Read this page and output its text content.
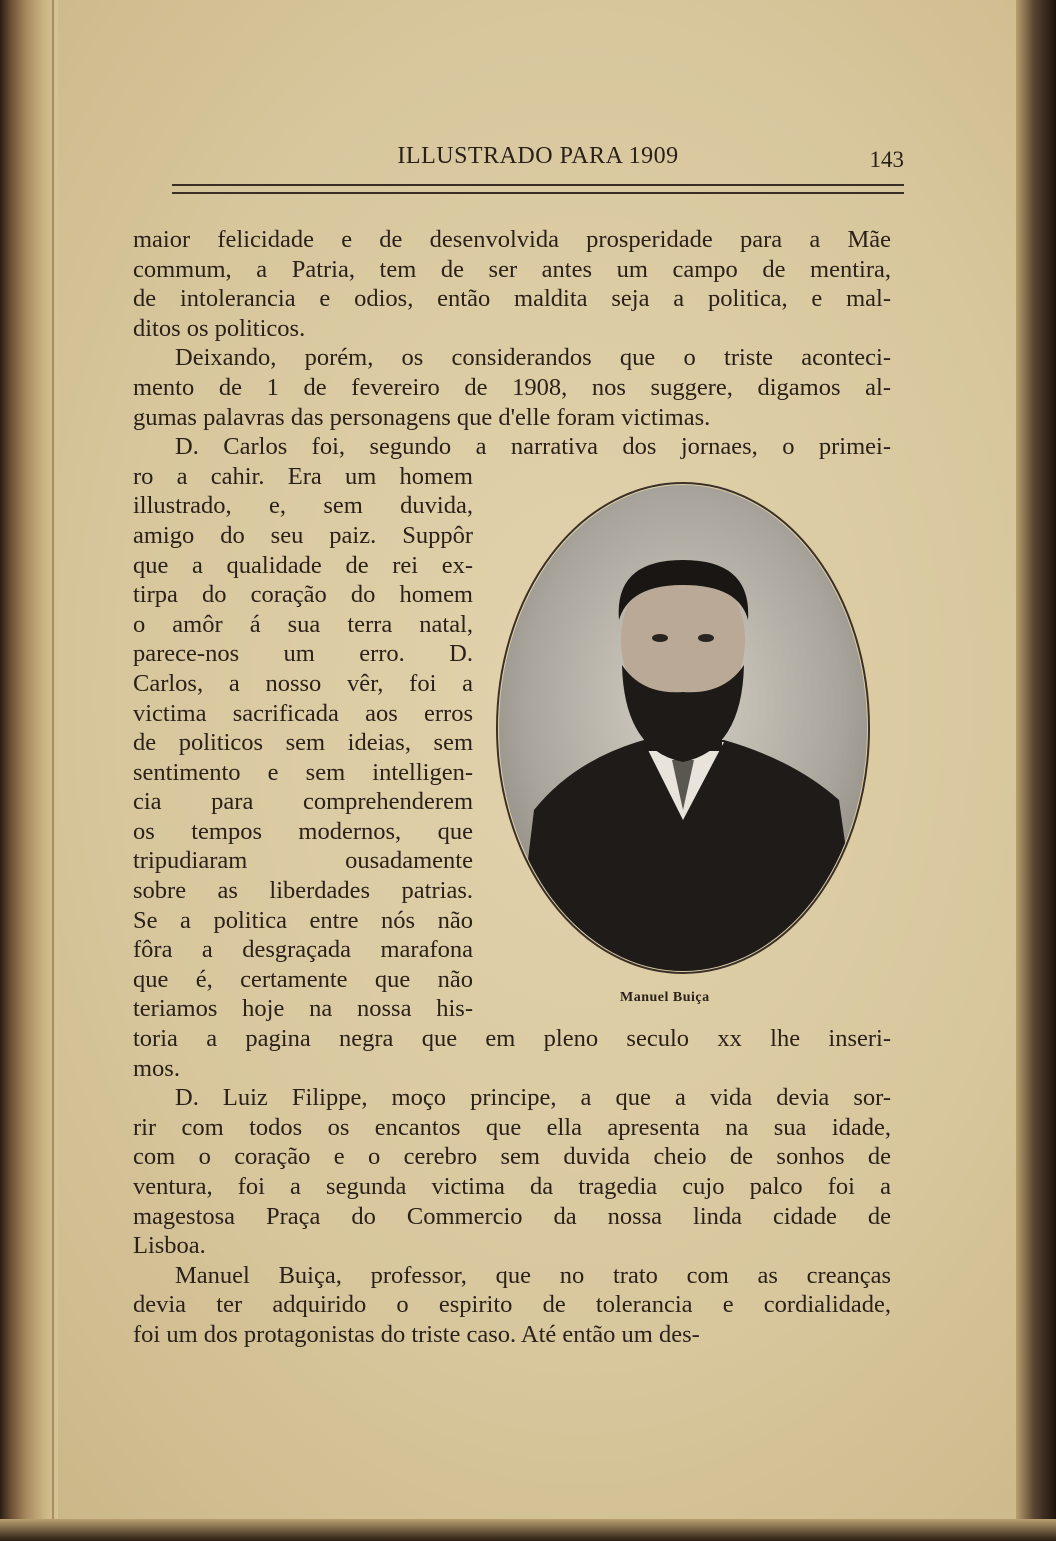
ILLUSTRADO PARA 1909	143
maior felicidade e de desenvolvida prosperidade para a Mãe
commum, a Patria, tem de ser antes um campo de mentira,
de intolerancia e odios, então maldita seja a politica, e mal-
ditos os politicos.
Deixando, porém, os considerandos que o triste aconteci-
mento de 1 de fevereiro de 1908, nos suggere, digamos al-
gumas palavras das personagens que d'elle foram victimas.
D. Carlos foi, segundo a narrativa dos jornaes, o primei-
ro a cahir. Era um homem
illustrado, e, sem duvida,
amigo do seu paiz. Suppôr
que a qualidade de rei ex-
tirpa do coração do homem
o amôr á sua terra natal,
parece-nos um erro. D.
Carlos, a nosso vêr, foi a
victima sacrificada aos erros
de politicos sem ideias, sem
sentimento e sem intelligen-
cia para comprehenderem
os tempos modernos, que
tripudiaram ousadamente
sobre as liberdades patrias.
Se a politica entre nós não
fôra a desgraçada marafona
que é, certamente que não
teriamos hoje na nossa his-
toria a pagina negra que em pleno seculo xx lhe inseri-
mos.
D. Luiz Filippe, moço principe, a que a vida devia sor-
rir com todos os encantos que ella apresenta na sua idade,
com o coração e o cerebro sem duvida cheio de sonhos de
ventura, foi a segunda victima da tragedia cujo palco foi a
magestosa Praça do Commercio da nossa linda cidade de
Lisboa.
Manuel Buiça, professor, que no trato com as creanças
devia ter adquirido o espirito de tolerancia e cordialidade,
foi um dos protagonistas do triste caso. Até então um des-
Manuel Buiça
